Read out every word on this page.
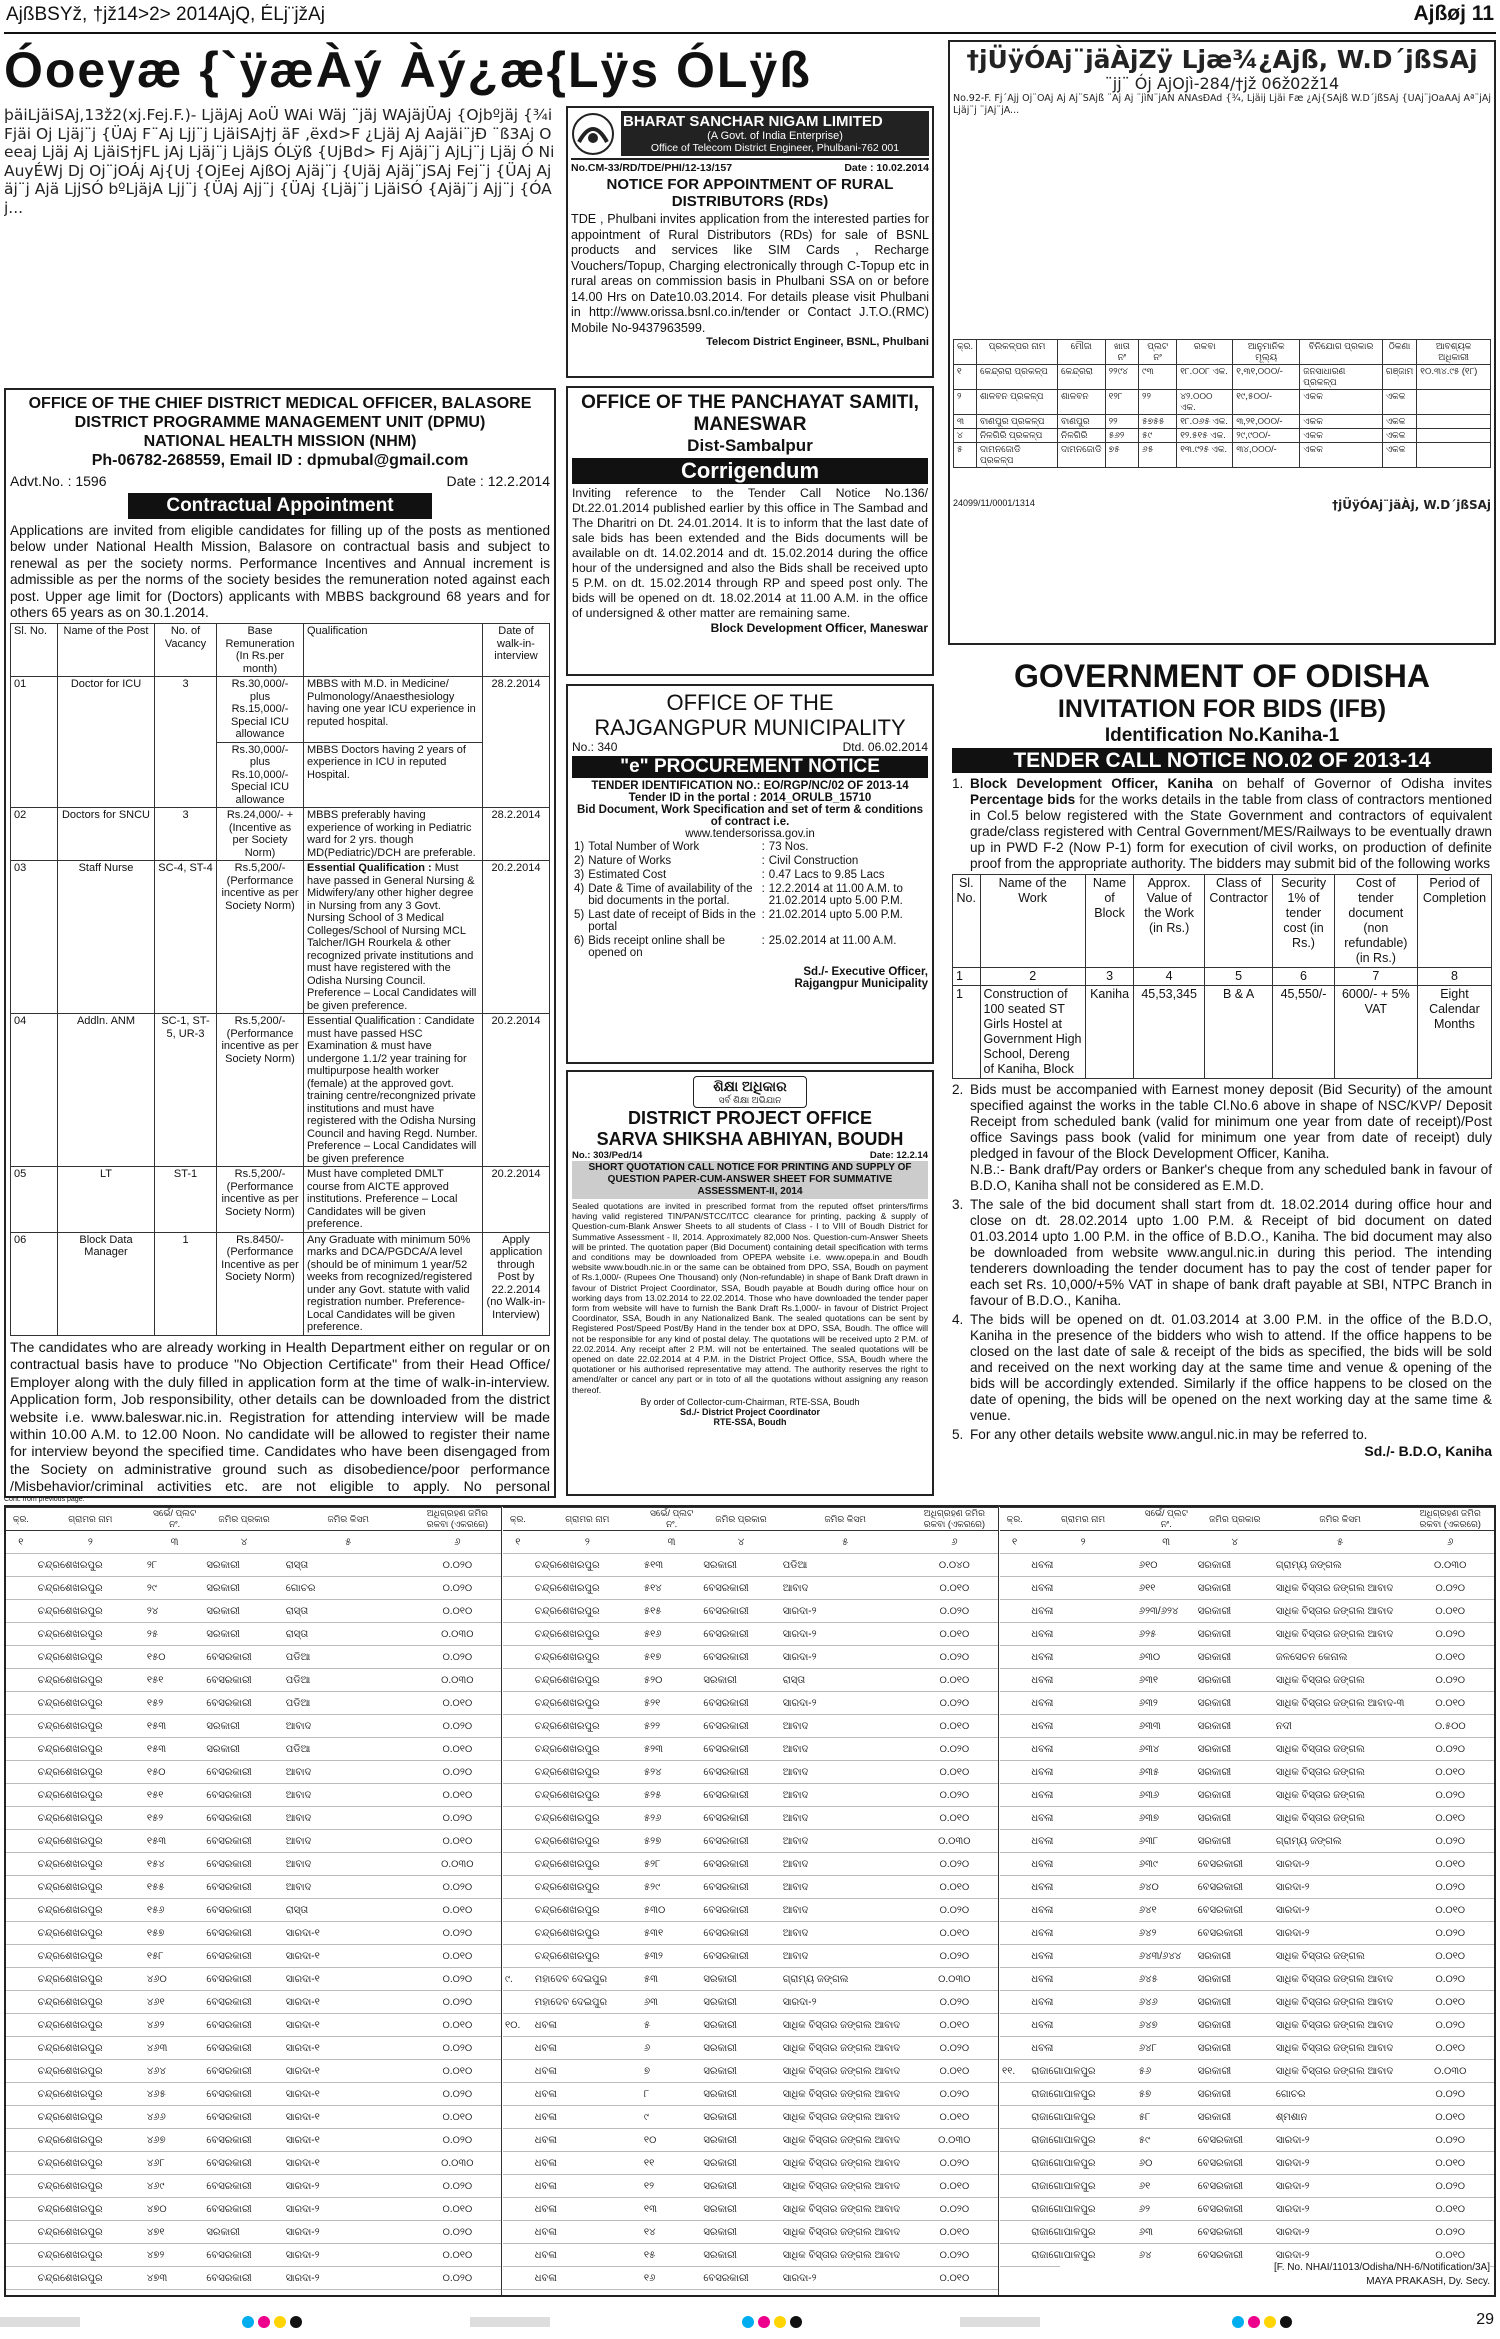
AjßBSYž, †jž14>2> 2014AjQ, ÉLj¨jžAj	Ajßøj 11
Óoeyæ {`ÿæÀý Àý¿æ{Lÿs ÓLÿß
þäiLjäiSAj,13ž2(xj.Fej.F.)- LjäjAj AoÜ WAi Wäj ¨jäj WAjäjÜAj {Ojbºjäj {¾iFjäi Oj Ljäj¨j {ÜAj F¨Aj Ljj¨j LjäiSAj†j äF ‚ëxd>F ¿Ljäj Aj Aajäi¨jÐ ¨ß3Aj Oeeaj Ljäj Aj LjäiS†jFL jAj Ljäj¨j LjäjS ÓLÿß {UjBd> Fj Ajäj¨j AjLj¨j Ljäj Ó Ni AuyÉWj Dj Oj¨jOÁj Aj{Uj {OjEej AjßOj Ajäj¨j {Ujäj Ajäj¨jSAj Fej¨j {ÜAj Ajäj¨j Ajä LjjSÓ bºLjäjA Ljj¨j {ÜAj Ajj¨j {ÜAj {Ljäj¨j LjäiSÓ {Ajäj¨j Ajj¨j {ÓAj...
BHARAT SANCHAR NIGAM LIMITED
(A Govt. of India Enterprise)
Office of Telecom District Engineer, Phulbani-762 001
No.CM-33/RD/TDE/PHI/12-13/157	Date : 10.02.2014
NOTICE FOR APPOINTMENT OF RURAL DISTRIBUTORS (RDs)

TDE , Phulbani invites application from the interested parties for appointment of Rural Distributors (RDs) for sale of BSNL products and services like SIM Cards , Recharge Vouchers/Topup, Charging electronically through C-Topup etc in rural areas on commission basis in Phulbani SSA on or before 14.00 Hrs on Date10.03.2014. For details please visit Phulbani in http://www.orissa.bsnl.co.in/tender or Contact J.T.O.(RMC) Mobile No-9437963599.

Telecom District Engineer, BSNL, Phulbani
†jÜÿÓAj¨jäÀjZÿ Ljæ¾¿Ajß, W.D´jßSAj
¨jj¨ Ój AjOjì-284/†jž 06ž02ž14

No.92-F. Fj´Ajj Ój¨ÓAj Aj Aj¨SAjß ¨Aj Aj ¨jìÑ¨jAÑ AÑAsÐAd {¾, Ljäij Ljäi Fæ ¿Aj{SAjß W.D´jßSAj {ÜAj¨jOaÄAj Aª¨jAj Ljäj¨j ¨jAj¨jA...

କ୍ର.	ପ୍ରକଳ୍ପର ନାମ	ମୌଜା	ଖାତା ନଂ	ପ୍ଲଟ ନଂ	ରକବା	ଆନୁମାନିକ ମୂଲ୍ୟ	ବିନିଯୋଗ ପ୍ରକାର	ଠିକଣା	ଆବଶ୍ୟକ ଅଧିକାରୀ
୧	କେନ୍ଦ୍ରରା ପ୍ରକଳ୍ପ	କେନ୍ଦ୍ରରା	୨୨୯୪	୯୩	୧୮.୦୦୮ ଏକ.	୧,୩୧,୦୦୦/-	ଜନସାଧାରଣ ପ୍ରକଳ୍ପ	ଗଞ୍ଜାମ	୧୦.୩୪.୯୫ (୧୮)
୨	ଶାଳବନ ପ୍ରକଳ୍ପ	ଶାଳବନ	୧୨୮	୨୨	୪୨.୦୦୦ ଏକ.	୧୯,୫୦୦/-	ଏକକ	ଏକକ	
୩	ବାଣପୁର ପ୍ରକଳ୍ପ	ବାଣପୁର	୨୨	୫୭୫୫	୧୮.୦୬୫ ଏକ.	୩,୨୧,୦୦୦/-	ଏକକ	ଏକକ	
୪	ନିଳଗିରି ପ୍ରକଳ୍ପ	ନିଳଗିରି	୫୬୨	୫୯	୧୨.୫୧୫ ଏକ.	୨୯,୯୦୦/-	ଏକକ	ଏକକ	
୫	ଦାମନଜୋଡି ପ୍ରକଳ୍ପ	ଦାମନଜୋଡି	୭୫	୬୫	୧୩.୯୨୫ ଏକ.	୩୪,୦୦୦/-	ଏକକ	ଏକକ	
24099/11/0001/1314	†jÜÿÓAj¨jäÀj, W.D´jßSAj
OFFICE OF THE CHIEF DISTRICT MEDICAL OFFICER, BALASORE
DISTRICT PROGRAMME MANAGEMENT UNIT (DPMU)
NATIONAL HEALTH MISSION (NHM)
Ph-06782-268559, Email ID : dpmubal@gmail.com
Advt.No. : 1596	Date : 12.2.2014
Contractual Appointment

Applications are invited from eligible candidates for filling up of the posts as mentioned below under National Health Mission, Balasore on contractual basis and subject to renewal as per the society norms. Performance Incentives and Annual increment is admissible as per the norms of the society besides the remuneration noted against each post. Upper age limit for (Doctors) applicants with MBBS background 68 years and for others 65 years as on 30.1.2014.

Sl. No.	Name of the Post	No. of Vacancy	Base Remuneration (In Rs.per month)	Qualification	Date of walk-in-interview
01	Doctor for ICU	3	Rs.30,000/- plus Rs.15,000/- Special ICU allowance	MBBS with M.D. in Medicine/ Pulmonology/Anaesthesiology having one year ICU experience in reputed hospital.	28.2.2014
			Rs.30,000/- plus Rs.10,000/- Special ICU allowance	MBBS Doctors having 2 years of experience in ICU in reputed Hospital.	
02	Doctors for SNCU	3	Rs.24,000/- + (Incentive as per Society Norm)	MBBS preferably having experience of working in Pediatric ward for 2 yrs. though MD(Pediatric)/DCH are preferable.	28.2.2014
03	Staff Nurse	SC-4, ST-4	Rs.5,200/- (Performance incentive as per Society Norm)	Essential Qualification : Must have passed in General Nursing & Midwifery/any other higher degree in Nursing from any 3 Govt. Nursing School of 3 Medical Colleges/School of Nursing MCL Talcher/IGH Rourkela & other recognized private institutions and must have registered with the Odisha Nursing Council. Preference – Local Candidates will be given preference.	20.2.2014
04	Addln. ANM	SC-1, ST-5, UR-3	Rs.5,200/- (Performance incentive as per Society Norm)	Essential Qualification : Candidate must have passed HSC Examination & must have undergone 1.1/2 year training for multipurpose health worker (female) at the approved govt. training centre/recongnized private institutions and must have registered with the Odisha Nursing Council and having Regd. Number. Preference – Local Candidates will be given preference	20.2.2014
05	LT	ST-1	Rs.5,200/- (Performance incentive as per Society Norm)	Must have completed DMLT course from AICTE approved institutions. Preference – Local Candidates will be given preference.	20.2.2014
06	Block Data Manager	1	Rs.8450/- (Performance Incentive as per Society Norm)	Any Graduate with minimum 50% marks and DCA/PGDCA/A level (should be of minimum 1 year/52 weeks from recognized/registered under any Govt. statute with valid registration number. Preference-Local Candidates will be given preference.	Apply application through Post by 22.2.2014 (no Walk-in-Interview)

The candidates who are already working in Health Department either on regular or on contractual basis have to produce "No Objection Certificate" from their Head Office/ Employer along with the duly filled in application form at the time of walk-in-interview. Application form, Job responsibility, other details can be downloaded from the district website i.e. www.baleswar.nic.in. Registration for attending interview will be made within 10.00 A.M. to 12.00 Noon. No candidate will be allowed to register their name for interview beyond the specified time. Candidates who have been disengaged from the Society on administrative ground such as disobedience/poor performance /Misbehavior/criminal activities etc. are not eligible to apply. No personal

OFFICE OF THE PANCHAYAT SAMITI, MANESWAR
Dist-Sambalpur
Corrigendum

Inviting reference to the Tender Call Notice No.136/ Dt.22.01.2014 published earlier by this office in The Sambad and The Dharitri on Dt. 24.01.2014. It is to inform that the last date of sale bids has been extended and the Bids documents will be available on dt. 14.02.2014 and dt. 15.02.2014 during the office hour of the undersigned and also the Bids shall be received upto 5 P.M. on dt. 15.02.2014 through RP and speed post only. The bids will be opened on dt. 18.02.2014 at 11.00 A.M. in the office of undersigned & other matter are remaining same.

Block Development Officer, Maneswar
OFFICE OF THE
RAJGANGPUR MUNICIPALITY
No.: 340	Dtd. 06.02.2014
"e" PROCUREMENT NOTICE
TENDER IDENTIFICATION NO.: EO/RGP/NC/02 OF 2013-14
Tender ID in the portal : 2014_ORULB_15710
Bid Document, Work Specification and set of term & conditions of contract i.e.
www.tendersorissa.gov.in
1)	Total Number of Work	:	73 Nos.
2)	Nature of Works	:	Civil Construction
3)	Estimated Cost	:	0.47 Lacs to 9.85 Lacs
4)	Date & Time of availability of the bid documents in the portal.	:	12.2.2014 at 11.00 A.M. to 21.02.2014 upto 5.00 P.M.
5)	Last date of receipt of Bids in the portal	:	21.02.2014 upto 5.00 P.M.
6)	Bids receipt online shall be opened on	:	25.02.2014 at 11.00 A.M.
Sd./- Executive Officer,
Rajgangpur Municipality
ଶିକ୍ଷା ଅଧିକାର
ସର୍ବ ଶିକ୍ଷା ଅଭିଯାନ
DISTRICT PROJECT OFFICE
SARVA SHIKSHA ABHIYAN, BOUDH
No.: 303/Ped/14	Date: 12.2.14
SHORT QUOTATION CALL NOTICE FOR PRINTING AND SUPPLY OF QUESTION PAPER-CUM-ANSWER SHEET FOR SUMMATIVE ASSESSMENT-II, 2014

Sealed quotations are invited in prescribed format from the reputed offset printers/firms having valid registered TIN/PAN/STCC/ITCC clearance for printing, packing & supply of Question-cum-Blank Answer Sheets to all students of Class - I to VIII of Boudh District for Summative Assessment - II, 2014. Approximately 82,000 Nos. Question-cum-Answer Sheets will be printed. The quotation paper (Bid Document) containing detail specification with terms and conditions may be downloaded from OPEPA website i.e. www.opepa.in and Boudh website www.boudh.nic.in or the same can be obtained from DPO, SSA, Boudh on payment of Rs.1,000/- (Rupees One Thousand) only (Non-refundable) in shape of Bank Draft drawn in favour of District Project Coordinator, SSA, Boudh payable at Boudh during office hour on working days from 13.02.2014 to 22.02.2014. Those who have downloaded the tender paper form from website will have to furnish the Bank Draft Rs.1,000/- in favour of District Project Coordinator, SSA, Boudh in any Nationalized Bank. The sealed quotations can be sent by Registered Post/Speed Post/By Hand in the tender box at DPO, SSA, Boudh. The office will not be responsible for any kind of postal delay. The quotations will be received upto 2 P.M. of 22.02.2014. Any receipt after 2 P.M. will not be entertained. The sealed quotations will be opened on date 22.02.2014 at 4 P.M. in the District Project Office, SSA, Boudh where the quotationer or his authorised representative may attend. The authority reserves the right to amend/alter or cancel any part or in toto of all the quotations without assigning any reason thereof.

By order of Collector-cum-Chairman, RTE-SSA, Boudh
Sd./- District Project Coordinator
RTE-SSA, Boudh
GOVERNMENT OF ODISHA
INVITATION FOR BIDS (IFB)
Identification No.Kaniha-1
TENDER CALL NOTICE NO.02 OF 2013-14
1. Block Development Officer, Kaniha on behalf of Governor of Odisha invites Percentage bids for the works details in the table from class of contractors mentioned in Col.5 below registered with the State Government and contractors of equivalent grade/class registered with Central Government/MES/Railways to be eventually drawn up in PWD F-2 (Now P-1) form for execution of civil works, on production of definite proof from the appropriate authority. The bidders may submit bid of the following works

Sl. No.	Name of the Work	Name of Block	Approx. Value of the Work (in Rs.)	Class of Contractor	Security 1% of tender cost (in Rs.)	Cost of tender document (non refundable) (in Rs.)	Period of Completion
1	2	3	4	5	6	7	8
1	Construction of 100 seated ST Girls Hostel at Government High School, Dereng of Kaniha, Block	Kaniha	45,53,345	B & A	45,550/-	6000/- + 5% VAT	Eight Calendar Months
2. Bids must be accompanied with Earnest money deposit (Bid Security) of the amount specified against the works in the table Cl.No.6 above in shape of NSC/KVP/ Deposit Receipt from scheduled bank (valid for minimum one year from date of receipt)/Post office Savings pass book (valid for minimum one year from date of receipt) duly pledged in favour of the Block Development Officer, Kaniha.

N.B.:- Bank draft/Pay orders or Banker's cheque from any scheduled bank in favour of B.D.O, Kaniha shall not be considered as E.M.D.

3. The sale of the bid document shall start from dt. 18.02.2014 during office hour and close on dt. 28.02.2014 upto 1.00 P.M. & Receipt of bid document on dated 01.03.2014 upto 1.00 P.M. in the office of B.D.O., Kaniha. The bid document may also be downloaded from website www.angul.nic.in during this period. The intending tenderers downloading the tender document has to pay the cost of tender paper for each set Rs. 10,000/+5% VAT in shape of bank draft payable at SBI, NTPC Branch in favour of B.D.O., Kaniha.

4. The bids will be opened on dt. 01.03.2014 at 3.00 P.M. in the office of the B.D.O, Kaniha in the presence of the bidders who wish to attend. If the office happens to be closed on the last date of sale & receipt of the bids as specified, the bids will be sold and received on the next working day at the same time and venue & opening of the bids will be accordingly extended. Similarly if the office happens to be closed on the date of opening, the bids will be opened on the next working day at the same time & venue.

5. For any other details website www.angul.nic.in may be referred to.

Sd./- B.D.O, Kaniha
Cont. from previous page.
କ୍ର.	ଗ୍ରାମର ନାମ	ସର୍ଭେ/ ପ୍ଲଟ ନଂ.	ଜମିର ପ୍ରକାର	ଜମିର କିସମ	ଅଧିଗ୍ରହଣ ଜମିର ରକବା (ଏକରରେ)
୧	୨	୩	୪	୫	୬
	ଚନ୍ଦ୍ରଶେଖରପୁର	୨୮	ସରକାରୀ	ରାସ୍ତା	୦.୦୨୦
	ଚନ୍ଦ୍ରଶେଖରପୁର	୨୯	ସରକାରୀ	ଗୋଚର	୦.୦୨୦
	ଚନ୍ଦ୍ରଶେଖରପୁର	୨୪	ସରକାରୀ	ରାସ୍ତା	୦.୦୧୦
	ଚନ୍ଦ୍ରଶେଖରପୁର	୨୫	ସରକାରୀ	ରାସ୍ତା	୦.୦୩୦
	ଚନ୍ଦ୍ରଶେଖରପୁର	୧୫୦	ବେସରକାରୀ	ପଡିଆ	୦.୦୨୦
	ଚନ୍ଦ୍ରଶେଖରପୁର	୧୫୧	ବେସରକାରୀ	ପଡିଆ	୦.୦୩୦
	ଚନ୍ଦ୍ରଶେଖରପୁର	୧୫୨	ବେସରକାରୀ	ପଡିଆ	୦.୦୧୦
	ଚନ୍ଦ୍ରଶେଖରପୁର	୧୫୩	ସରକାରୀ	ଆବାଦ	୦.୦୨୦
	ଚନ୍ଦ୍ରଶେଖରପୁର	୧୫୩	ସରକାରୀ	ପଡିଆ	୦.୦୧୦
	ଚନ୍ଦ୍ରଶେଖରପୁର	୧୫୦	ବେସରକାରୀ	ଆବାଦ	୦.୦୨୦
	ଚନ୍ଦ୍ରଶେଖରପୁର	୧୫୧	ବେସରକାରୀ	ଆବାଦ	୦.୦୧୦
	ଚନ୍ଦ୍ରଶେଖରପୁର	୧୫୨	ବେସରକାରୀ	ଆବାଦ	୦.୦୨୦
	ଚନ୍ଦ୍ରଶେଖରପୁର	୧୫୩	ବେସରକାରୀ	ଆବାଦ	୦.୦୧୦
	ଚନ୍ଦ୍ରଶେଖରପୁର	୧୫୪	ବେସରକାରୀ	ଆବାଦ	୦.୦୩୦
	ଚନ୍ଦ୍ରଶେଖରପୁର	୧୫୫	ବେସରକାରୀ	ଆବାଦ	୦.୦୨୦
	ଚନ୍ଦ୍ରଶେଖରପୁର	୧୫୬	ବେସରକାରୀ	ରାସ୍ତା	୦.୦୧୦
	ଚନ୍ଦ୍ରଶେଖରପୁର	୧୫୭	ବେସରକାରୀ	ସାରଦା-୧	୦.୦୨୦
	ଚନ୍ଦ୍ରଶେଖରପୁର	୧୫୮	ବେସରକାରୀ	ସାରଦା-୧	୦.୦୧୦
	ଚନ୍ଦ୍ରଶେଖରପୁର	୪୬୦	ବେସରକାରୀ	ସାରଦା-୧	୦.୦୨୦
	ଚନ୍ଦ୍ରଶେଖରପୁର	୪୬୧	ବେସରକାରୀ	ସାରଦା-୧	୦.୦୨୦
	ଚନ୍ଦ୍ରଶେଖରପୁର	୪୬୨	ବେସରକାରୀ	ସାରଦା-୧	୦.୦୧୦
	ଚନ୍ଦ୍ରଶେଖରପୁର	୪୬୩	ବେସରକାରୀ	ସାରଦା-୧	୦.୦୨୦
	ଚନ୍ଦ୍ରଶେଖରପୁର	୪୬୪	ବେସରକାରୀ	ସାରଦା-୧	୦.୦୧୦
	ଚନ୍ଦ୍ରଶେଖରପୁର	୪୬୫	ବେସରକାରୀ	ସାରଦା-୧	୦.୦୨୦
	ଚନ୍ଦ୍ରଶେଖରପୁର	୪୬୬	ବେସରକାରୀ	ସାରଦା-୧	୦.୦୧୦
	ଚନ୍ଦ୍ରଶେଖରପୁର	୪୬୭	ବେସରକାରୀ	ସାରଦା-୧	୦.୦୨୦
	ଚନ୍ଦ୍ରଶେଖରପୁର	୪୬୮	ବେସରକାରୀ	ସାରଦା-୧	୦.୦୩୦
	ଚନ୍ଦ୍ରଶେଖରପୁର	୪୬୯	ବେସରକାରୀ	ସାରଦା-୨	୦.୦୨୦
	ଚନ୍ଦ୍ରଶେଖରପୁର	୪୭୦	ବେସରକାରୀ	ସାରଦା-୨	୦.୦୧୦
	ଚନ୍ଦ୍ରଶେଖରପୁର	୪୭୧	ସରକାରୀ	ସାରଦା-୨	୦.୦୨୦
	ଚନ୍ଦ୍ରଶେଖରପୁର	୪୭୨	ବେସରକାରୀ	ସାରଦା-୨	୦.୦୧୦
	ଚନ୍ଦ୍ରଶେଖରପୁର	୪୭୩	ବେସରକାରୀ	ସାରଦା-୨	୦.୦୨୦

କ୍ର.	ଗ୍ରାମର ନାମ	ସର୍ଭେ/ ପ୍ଲଟ ନଂ.	ଜମିର ପ୍ରକାର	ଜମିର କିସମ	ଅଧିଗ୍ରହଣ ଜମିର ରକବା (ଏକରରେ)
୧	୨	୩	୪	୫	୬
	ଚନ୍ଦ୍ରଶେଖରପୁର	୫୧୩	ସରକାରୀ	ପଡିଆ	୦.୦୪୦
	ଚନ୍ଦ୍ରଶେଖରପୁର	୫୧୪	ବେସରକାରୀ	ଆବାଦ	୦.୦୧୦
	ଚନ୍ଦ୍ରଶେଖରପୁର	୫୧୫	ବେସରକାରୀ	ସାରଦା-୨	୦.୦୨୦
	ଚନ୍ଦ୍ରଶେଖରପୁର	୫୧୬	ବେସରକାରୀ	ସାରଦା-୨	୦.୦୧୦
	ଚନ୍ଦ୍ରଶେଖରପୁର	୫୧୭	ବେସରକାରୀ	ସାରଦା-୨	୦.୦୨୦
	ଚନ୍ଦ୍ରଶେଖରପୁର	୫୨୦	ସରକାରୀ	ରାସ୍ତା	୦.୦୧୦
	ଚନ୍ଦ୍ରଶେଖରପୁର	୫୨୧	ବେସରକାରୀ	ସାରଦା-୨	୦.୦୨୦
	ଚନ୍ଦ୍ରଶେଖରପୁର	୫୨୨	ବେସରକାରୀ	ଆବାଦ	୦.୦୧୦
	ଚନ୍ଦ୍ରଶେଖରପୁର	୫୨୩	ବେସରକାରୀ	ଆବାଦ	୦.୦୨୦
	ଚନ୍ଦ୍ରଶେଖରପୁର	୫୨୪	ବେସରକାରୀ	ଆବାଦ	୦.୦୧୦
	ଚନ୍ଦ୍ରଶେଖରପୁର	୫୨୫	ବେସରକାରୀ	ଆବାଦ	୦.୦୨୦
	ଚନ୍ଦ୍ରଶେଖରପୁର	୫୨୬	ବେସରକାରୀ	ଆବାଦ	୦.୦୧୦
	ଚନ୍ଦ୍ରଶେଖରପୁର	୫୨୭	ବେସରକାରୀ	ଆବାଦ	୦.୦୩୦
	ଚନ୍ଦ୍ରଶେଖରପୁର	୫୨୮	ବେସରକାରୀ	ଆବାଦ	୦.୦୨୦
	ଚନ୍ଦ୍ରଶେଖରପୁର	୫୨୯	ବେସରକାରୀ	ଆବାଦ	୦.୦୧୦
	ଚନ୍ଦ୍ରଶେଖରପୁର	୫୩୦	ବେସରକାରୀ	ଆବାଦ	୦.୦୨୦
	ଚନ୍ଦ୍ରଶେଖରପୁର	୫୩୧	ବେସରକାରୀ	ଆବାଦ	୦.୦୧୦
	ଚନ୍ଦ୍ରଶେଖରପୁର	୫୩୨	ବେସରକାରୀ	ଆବାଦ	୦.୦୨୦
୯.	ମହାଦେବ ଦେଇପୁର	୫୩	ସରକାରୀ	ଗ୍ରାମ୍ୟ ଜଙ୍ଗଲ	୦.୦୩୦
	ମହାଦେବ ଦେଇପୁର	୬୩	ସରକାରୀ	ସାରଦା-୨	୦.୦୨୦
୧୦.	ଧବଳା	୫	ସରକାରୀ	ସାଧିକ ବିସ୍ତାର ଜଙ୍ଗଲ ଆବାଦ	୦.୦୧୦
	ଧବଳା	୬	ସରକାରୀ	ସାଧିକ ବିସ୍ତାର ଜଙ୍ଗଲ ଆବାଦ	୦.୦୨୦
	ଧବଳା	୭	ସରକାରୀ	ସାଧିକ ବିସ୍ତାର ଜଙ୍ଗଲ ଆବାଦ	୦.୦୧୦
	ଧବଳା	୮	ସରକାରୀ	ସାଧିକ ବିସ୍ତାର ଜଙ୍ଗଲ ଆବାଦ	୦.୦୨୦
	ଧବଳା	୯	ସରକାରୀ	ସାଧିକ ବିସ୍ତାର ଜଙ୍ଗଲ ଆବାଦ	୦.୦୧୦
	ଧବଳା	୧୦	ସରକାରୀ	ସାଧିକ ବିସ୍ତାର ଜଙ୍ଗଲ ଆବାଦ	୦.୦୩୦
	ଧବଳା	୧୧	ସରକାରୀ	ସାଧିକ ବିସ୍ତାର ଜଙ୍ଗଲ ଆବାଦ	୦.୦୨୦
	ଧବଳା	୧୨	ସରକାରୀ	ସାଧିକ ବିସ୍ତାର ଜଙ୍ଗଲ ଆବାଦ	୦.୦୧୦
	ଧବଳା	୧୩	ସରକାରୀ	ସାଧିକ ବିସ୍ତାର ଜଙ୍ଗଲ ଆବାଦ	୦.୦୨୦
	ଧବଳା	୧୪	ସରକାରୀ	ସାଧିକ ବିସ୍ତାର ଜଙ୍ଗଲ ଆବାଦ	୦.୦୧୦
	ଧବଳା	୧୫	ସରକାରୀ	ସାଧିକ ବିସ୍ତାର ଜଙ୍ଗଲ ଆବାଦ	୦.୦୨୦
	ଧବଳା	୧୬	ବେସରକାରୀ	ସାରଦା-୨	୦.୦୧୦

କ୍ର.	ଗ୍ରାମର ନାମ	ସର୍ଭେ/ ପ୍ଲଟ ନଂ.	ଜମିର ପ୍ରକାର	ଜମିର କିସମ	ଅଧିଗ୍ରହଣ ଜମିର ରକବା (ଏକରରେ)
୧	୨	୩	୪	୫	୬
	ଧବଳା	୬୧୦	ସରକାରୀ	ଗ୍ରାମ୍ୟ ଜଙ୍ଗଲ	୦.୦୩୦
	ଧବଳା	୬୧୧	ସରକାରୀ	ସାଧିକ ବିସ୍ତାର ଜଙ୍ଗଲ ଆବାଦ	୦.୦୨୦
	ଧବଳା	୬୨୩/୬୨୪	ସରକାରୀ	ସାଧିକ ବିସ୍ତାର ଜଙ୍ଗଲ ଆବାଦ	୦.୦୧୦
	ଧବଳା	୬୨୫	ସରକାରୀ	ସାଧିକ ବିସ୍ତାର ଜଙ୍ଗଲ ଆବାଦ	୦.୦୨୦
	ଧବଳା	୬୩୦	ସରକାରୀ	ଜଳସେଚନ କେନାଲ	୦.୦୧୦
	ଧବଳା	୬୩୧	ସରକାରୀ	ସାଧିକ ବିସ୍ତାର ଜଙ୍ଗଲ	୦.୦୨୦
	ଧବଳା	୬୩୨	ସରକାରୀ	ସାଧିକ ବିସ୍ତାର ଜଙ୍ଗଲ ଆବାଦ-୩	୦.୦୧୦
	ଧବଳା	୬୩୩	ସରକାରୀ	ନଦୀ	୦.୫୦୦
	ଧବଳା	୬୩୪	ସରକାରୀ	ସାଧିକ ବିସ୍ତାର ଜଙ୍ଗଲ	୦.୦୨୦
	ଧବଳା	୬୩୫	ସରକାରୀ	ସାଧିକ ବିସ୍ତାର ଜଙ୍ଗଲ	୦.୦୧୦
	ଧବଳା	୬୩୬	ସରକାରୀ	ସାଧିକ ବିସ୍ତାର ଜଙ୍ଗଲ	୦.୦୨୦
	ଧବଳା	୬୩୭	ସରକାରୀ	ସାଧିକ ବିସ୍ତାର ଜଙ୍ଗଲ	୦.୦୧୦
	ଧବଳା	୬୩୮	ସରକାରୀ	ଗ୍ରାମ୍ୟ ଜଙ୍ଗଲ	୦.୦୨୦
	ଧବଳା	୬୩୯	ବେସରକାରୀ	ସାରଦା-୨	୦.୦୧୦
	ଧବଳା	୬୪୦	ବେସରକାରୀ	ସାରଦା-୨	୦.୦୨୦
	ଧବଳା	୬୪୧	ବେସରକାରୀ	ସାରଦା-୨	୦.୦୧୦
	ଧବଳା	୬୪୨	ବେସରକାରୀ	ସାରଦା-୨	୦.୦୨୦
	ଧବଳା	୬୪୩/୬୪୪	ସରକାରୀ	ସାଧିକ ବିସ୍ତାର ଜଙ୍ଗଲ	୦.୦୧୦
	ଧବଳା	୬୪୫	ସରକାରୀ	ସାଧିକ ବିସ୍ତାର ଜଙ୍ଗଲ ଆବାଦ	୦.୦୨୦
	ଧବଳା	୬୪୬	ସରକାରୀ	ସାଧିକ ବିସ୍ତାର ଜଙ୍ଗଲ ଆବାଦ	୦.୦୧୦
	ଧବଳା	୬୪୭	ସରକାରୀ	ସାଧିକ ବିସ୍ତାର ଜଙ୍ଗଲ ଆବାଦ	୦.୦୨୦
	ଧବଳା	୬୪୮	ସରକାରୀ	ସାଧିକ ବିସ୍ତାର ଜଙ୍ଗଲ ଆବାଦ	୦.୦୧୦
୧୧.	ରାଜାଗୋପାଳପୁର	୫୬	ସରକାରୀ	ସାଧିକ ବିସ୍ତାର ଜଙ୍ଗଲ ଆବାଦ	୦.୦୩୦
	ରାଜାଗୋପାଳପୁର	୫୭	ସରକାରୀ	ଗୋଚର	୦.୦୨୦
	ରାଜାଗୋପାଳପୁର	୫୮	ସରକାରୀ	ଶ୍ମଶାନ	୦.୦୧୦
	ରାଜାଗୋପାଳପୁର	୫୯	ବେସରକାରୀ	ସାରଦା-୨	୦.୦୨୦
	ରାଜାଗୋପାଳପୁର	୬୦	ବେସରକାରୀ	ସାରଦା-୨	୦.୦୧୦
	ରାଜାଗୋପାଳପୁର	୬୧	ବେସରକାରୀ	ସାରଦା-୨	୦.୦୨୦
	ରାଜାଗୋପାଳପୁର	୬୨	ବେସରକାରୀ	ସାରଦା-୨	୦.୦୧୦
	ରାଜାଗୋପାଳପୁର	୬୩	ବେସରକାରୀ	ସାରଦା-୨	୦.୦୨୦
	ରାଜାଗୋପାଳପୁର	୬୪	ବେସରକାରୀ	ସାରଦା-୨	୦.୦୧୦
[F. No. NHAI/11013/Odisha/NH-6/Notification/3A]
MAYA PRAKASH, Dy. Secy.
29
